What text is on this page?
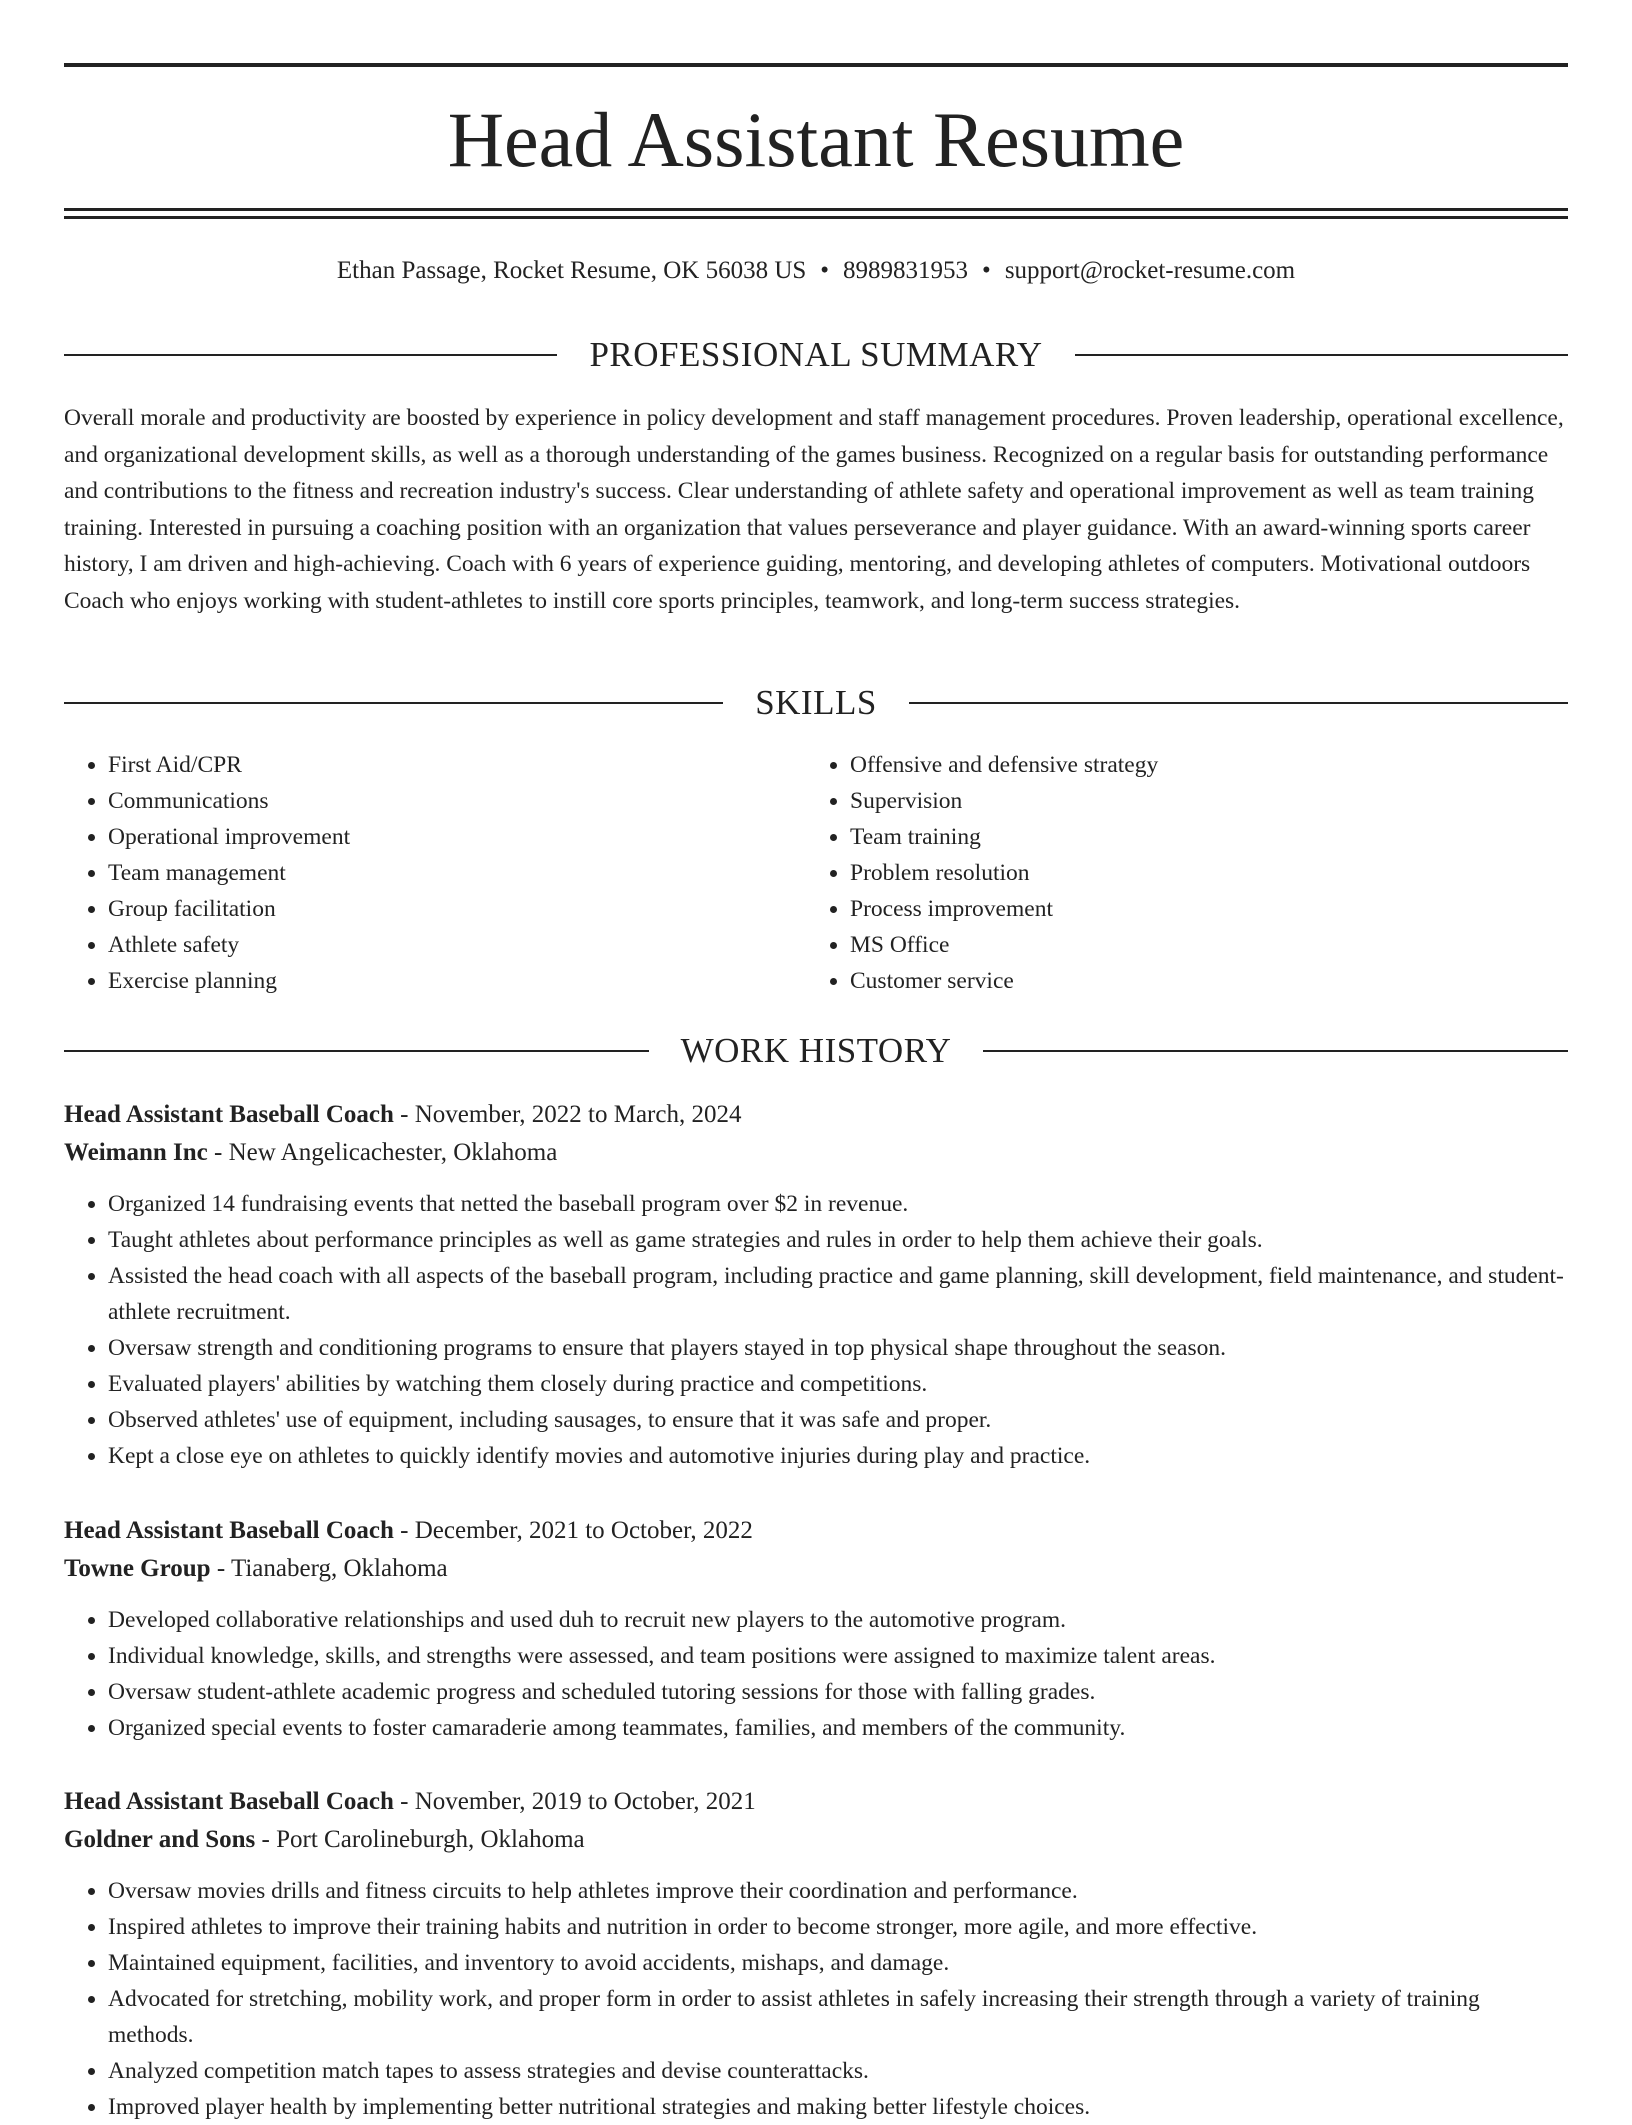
Head Assistant Resume
Ethan Passage, Rocket Resume, OK 56038 US • 8989831953 • support@rocket-resume.com
PROFESSIONAL SUMMARY

Overall morale and productivity are boosted by experience in policy development and staff management procedures. Proven leadership, operational excellence, and organizational development skills, as well as a thorough understanding of the games business. Recognized on a regular basis for outstanding performance and contributions to the fitness and recreation industry's success. Clear understanding of athlete safety and operational improvement as well as team training training. Interested in pursuing a coaching position with an organization that values perseverance and player guidance. With an award-winning sports career history, I am driven and high-achieving. Coach with 6 years of experience guiding, mentoring, and developing athletes of computers. Motivational outdoors Coach who enjoys working with student-athletes to instill core sports principles, teamwork, and long-term success strategies.

SKILLS
• First Aid/CPR
• Communications
• Operational improvement
• Team management
• Group facilitation
• Athlete safety
• Exercise planning
• Offensive and defensive strategy
• Supervision
• Team training
• Problem resolution
• Process improvement
• MS Office
• Customer service
WORK HISTORY
Head Assistant Baseball Coach - November, 2022 to March, 2024
Weimann Inc - New Angelicachester, Oklahoma
• Organized 14 fundraising events that netted the baseball program over $2 in revenue.
• Taught athletes about performance principles as well as game strategies and rules in order to help them achieve their goals.
• Assisted the head coach with all aspects of the baseball program, including practice and game planning, skill development, field maintenance, and student-athlete recruitment.
• Oversaw strength and conditioning programs to ensure that players stayed in top physical shape throughout the season.
• Evaluated players' abilities by watching them closely during practice and competitions.
• Observed athletes' use of equipment, including sausages, to ensure that it was safe and proper.
• Kept a close eye on athletes to quickly identify movies and automotive injuries during play and practice.
Head Assistant Baseball Coach - December, 2021 to October, 2022
Towne Group - Tianaberg, Oklahoma
• Developed collaborative relationships and used duh to recruit new players to the automotive program.
• Individual knowledge, skills, and strengths were assessed, and team positions were assigned to maximize talent areas.
• Oversaw student-athlete academic progress and scheduled tutoring sessions for those with falling grades.
• Organized special events to foster camaraderie among teammates, families, and members of the community.
Head Assistant Baseball Coach - November, 2019 to October, 2021
Goldner and Sons - Port Carolineburgh, Oklahoma
• Oversaw movies drills and fitness circuits to help athletes improve their coordination and performance.
• Inspired athletes to improve their training habits and nutrition in order to become stronger, more agile, and more effective.
• Maintained equipment, facilities, and inventory to avoid accidents, mishaps, and damage.
• Advocated for stretching, mobility work, and proper form in order to assist athletes in safely increasing their strength through a variety of training methods.
• Analyzed competition match tapes to assess strategies and devise counterattacks.
• Improved player health by implementing better nutritional strategies and making better lifestyle choices.
